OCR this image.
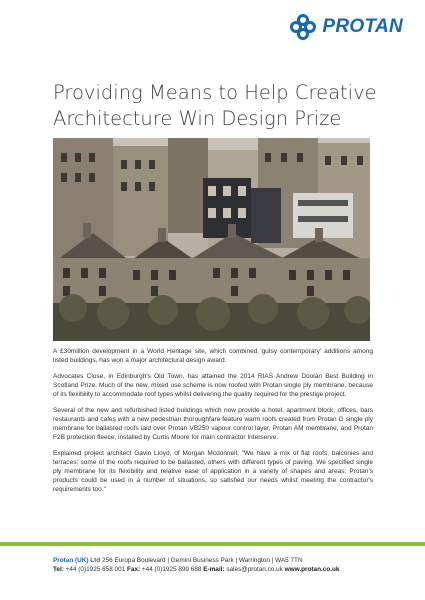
PROTAN
Providing Means to Help Creative
Architecture Win Design Prize

A £30million development in a World Heritage site, which combined 'gutsy contemporary' additions among listed buildings, has won a major architectural design award.

Advocates Close, in Edinburgh's Old Town, has attained the 2014 RIAS Andrew Doolan Best Building in Scotland Prize. Much of the new, mixed use scheme is now roofed with Protan single ply membrane, because of its flexibility to accommodate roof types whilst delivering the quality required for the prestige project.

Several of the new and refurbished listed buildings which now provide a hotel, apartment block, offices, bars restaurants and cafes with a new pedestrian thoroughfare feature warm roofs created from Protan G single ply membrane for ballasted roofs laid over Protan VB250 vapour control layer, Protan AM membrane, and Protan F2B protection fleece, installed by Curtis Moore for main contractor Interserve.

Explained project architect Gavin Lloyd, of Morgan Mcdonnell, "We have a mix of flat roofs, balconies and terraces; some of the roofs required to be ballasted, others with different types of paving. We specified single ply membrane for its flexibility and relative ease of application in a variety of shapes and areas; Protan's products could be used in a number of situations, so satisfied our needs whilst meeting the contractor's requirements too."

Protan (UK) Ltd 256 Europa Boulevard | Gemini Business Park | Warrington | WA5 7TN
Tel: +44 (0)1925 658 001 Fax: +44 (0)1925 899 688 E-mail: sales@protan.co.uk www.protan.co.uk
